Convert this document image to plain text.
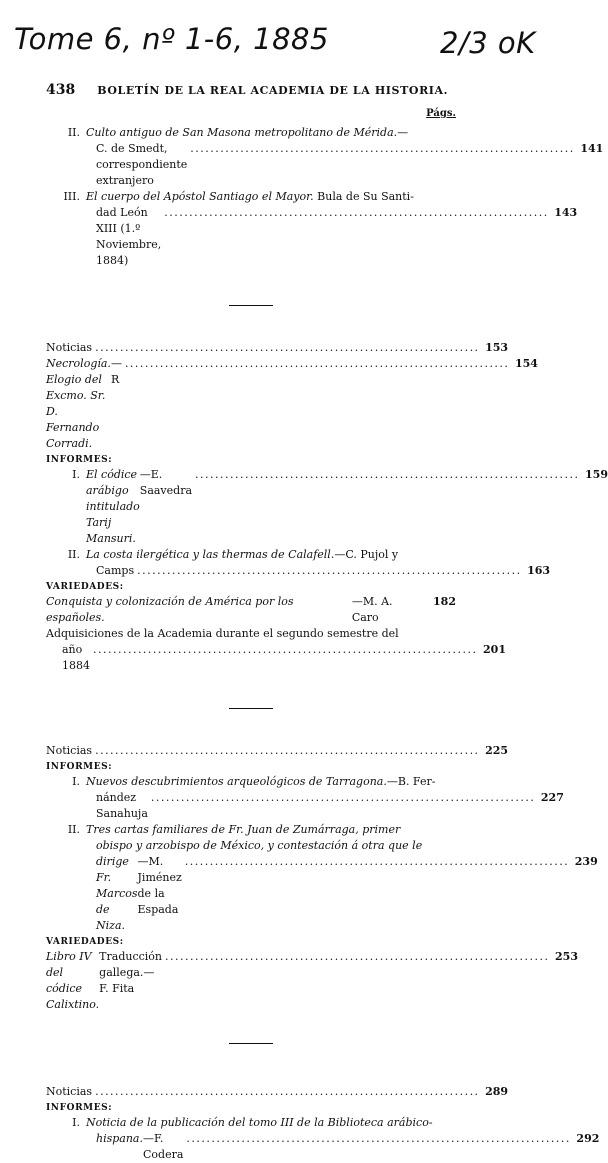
Tome 6, nº 1-6, 1885	2/3 oK
438 BOLETÍN DE LA REAL ACADEMIA DE LA HISTORIA.
Págs.
II. Culto antiguo de San Masona metropolitano de Mérida.—
C. de Smedt, correspondiente extranjero
. . .
141
III. El cuerpo del Apóstol Santiago el Mayor. Bula de Su Santi-
dad León XIII (1.º Noviembre, 1884)
. . .
143
Noticias . . .	153
Necrología. Elogio del Excmo. Sr. D. Fernando Corradi.
—R
. . .
154
INFORMES:
I. El códice arábigo intitulado Tarij Mansuri.
—E. Saavedra
. . .
159
II. La costa ilergética y las thermas de Calafell.—C. Pujol y
Camps . . .	163
VARIEDADES:
Conquista y colonización de América por los españoles.
—M. A. Caro
182
Adquisiciones de la Academia durante el segundo semestre del
año 1884
. . .
201
Noticias . . .	225
INFORMES:
I. Nuevos descubrimientos arqueológicos de Tarragona.—B. Fer-
nández Sanahuja
. . .
227
II. Tres cartas familiares de Fr. Juan de Zumárraga, primer
obispo y arzobispo de México, y contestación á otra que le
dirige Fr. Marcos de Niza.
—M. Jiménez de la Espada
. . .
239
VARIEDADES:
Libro IV del códice Calixtino.
Traducción gallega.—F. Fita
. . .
253
Noticias . . .	289
INFORMES:
I. Noticia de la publicación del tomo III de la Biblioteca arábico-
hispana. —F. Codera
. . .
292
